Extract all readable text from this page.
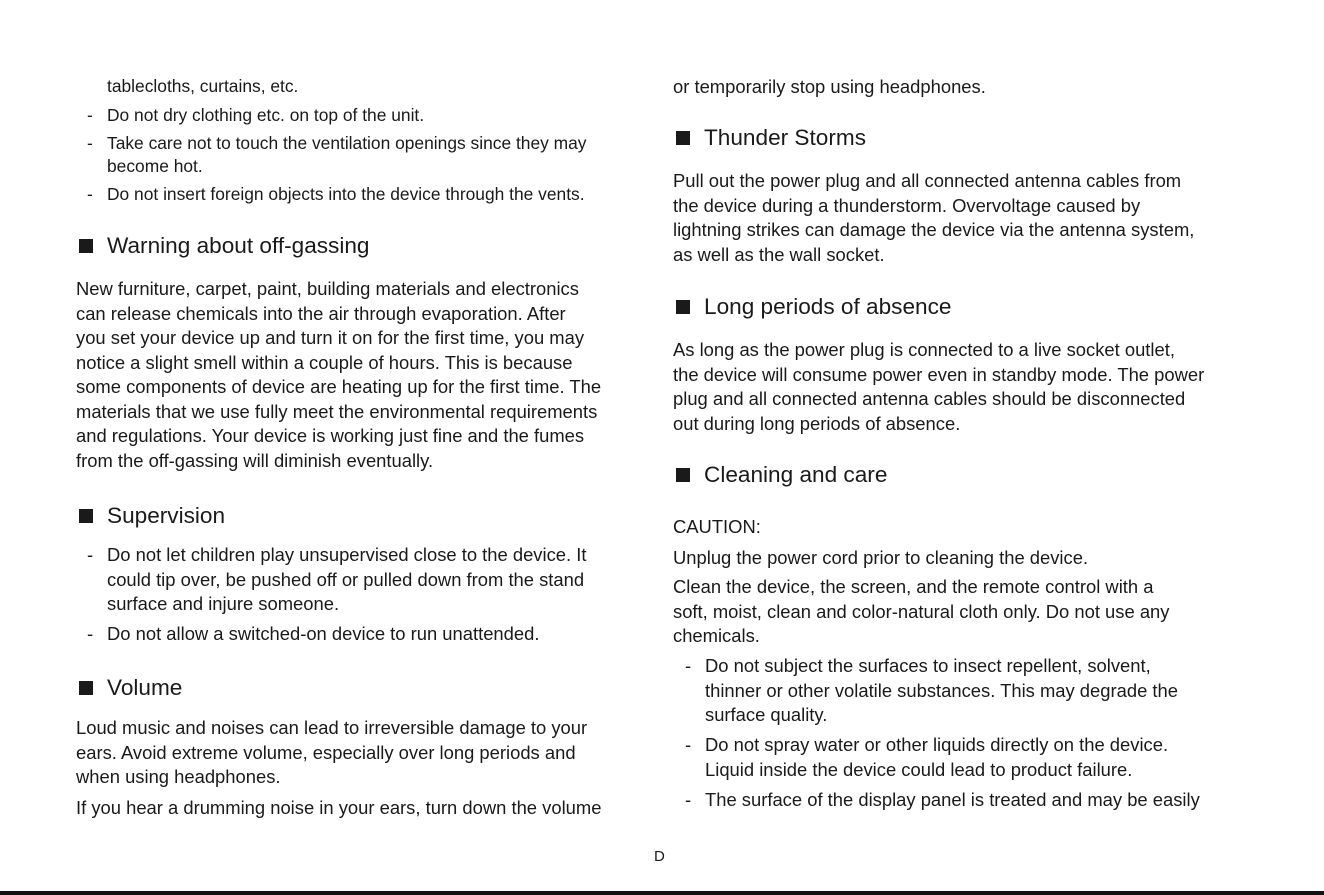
tablecloths, curtains, etc.

- Do not dry clothing etc. on top of the unit.

- Take care not to touch the ventilation openings since they may

become hot.

- Do not insert foreign objects into the device through the vents.

Warning about off-gassing

New furniture, carpet, paint, building materials and electronics

can release chemicals into the air through evaporation. After

you set your device up and turn it on for the first time, you may

notice a slight smell within a couple of hours. This is because

some components of device are heating up for the first time. The

materials that we use fully meet the environmental requirements

and regulations. Your device is working just fine and the fumes

from the off-gassing will diminish eventually.

Supervision

- Do not let children play unsupervised close to the device. It

could tip over, be pushed off or pulled down from the stand

surface and injure someone.

- Do not allow a switched-on device to run unattended.

Volume

Loud music and noises can lead to irreversible damage to your

ears. Avoid extreme volume, especially over long periods and

when using headphones.

If you hear a drumming noise in your ears, turn down the volume

or temporarily stop using headphones.

Thunder Storms

Pull out the power plug and all connected antenna cables from

the device during a thunderstorm. Overvoltage caused by

lightning strikes can damage the device via the antenna system,

as well as the wall socket.

Long periods of absence

As long as the power plug is connected to a live socket outlet,

the device will consume power even in standby mode. The power

plug and all connected antenna cables should be disconnected

out during long periods of absence.

Cleaning and care

CAUTION:

Unplug the power cord prior to cleaning the device.

Clean the device, the screen, and the remote control with a

soft, moist, clean and color-natural cloth only. Do not use any

chemicals.

- Do not subject the surfaces to insect repellent, solvent,

thinner or other volatile substances. This may degrade the

surface quality.

- Do not spray water or other liquids directly on the device.

Liquid inside the device could lead to product failure.

- The surface of the display panel is treated and may be easily

D
